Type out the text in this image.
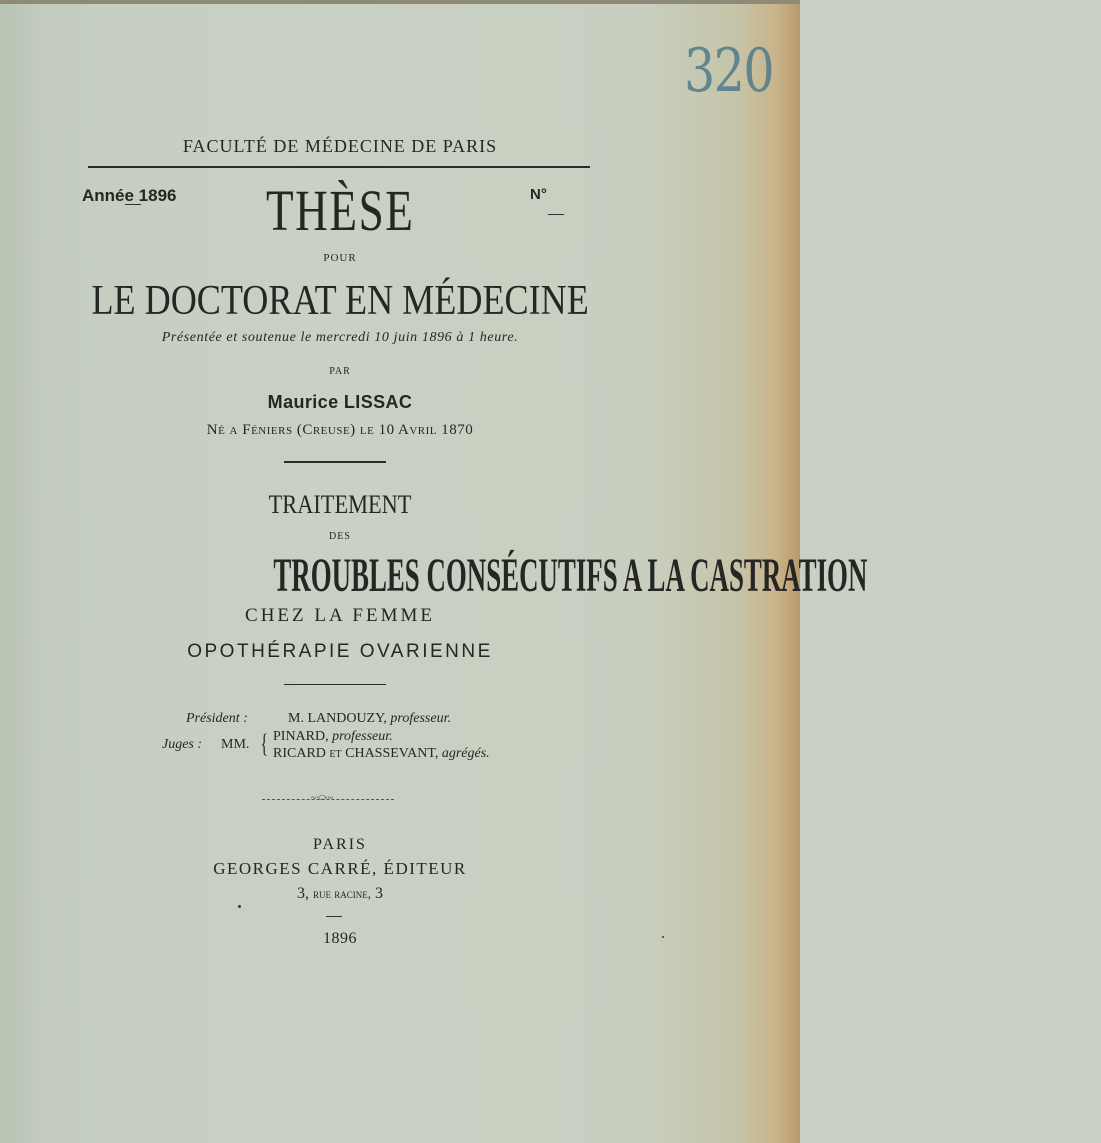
320
FACULTÉ DE MÉDECINE DE PARIS
Année 1896	N°
THÈSE
POUR
LE DOCTORAT EN MÉDECINE
Présentée et soutenue le mercredi 10 juin 1896 à 1 heure.
PAR
Maurice LISSAC
Né a Féniers (Creuse) le 10 Avril 1870
TRAITEMENT
DES
TROUBLES CONSÉCUTIFS A LA CASTRATION
CHEZ LA FEMME
OPOTHÉRAPIE OVARIENNE
Président :	M. LANDOUZY, professeur.
Juges : MM. { PINARD, professeur.
RICARD et CHASSEVANT, agrégés.
~<>~
PARIS
GEORGES CARRÉ, ÉDITEUR
3, rue racine, 3
1896
